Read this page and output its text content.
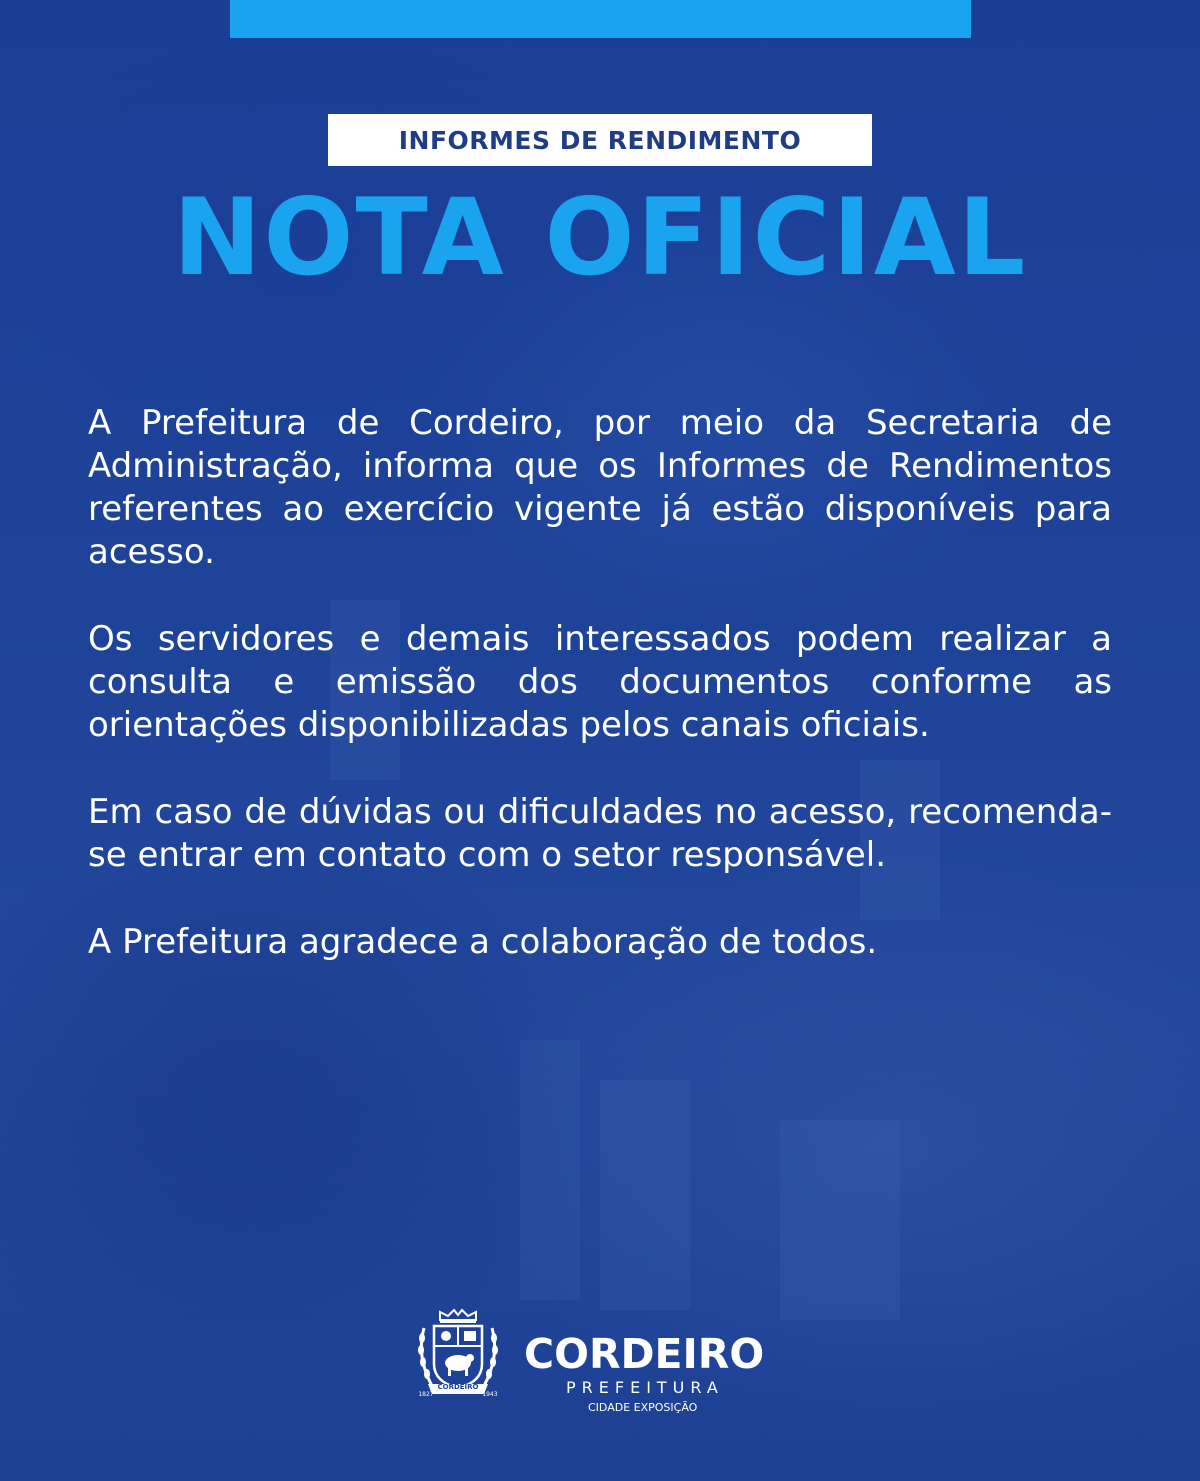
INFORMES DE RENDIMENTO
NOTA OFICIAL

A Prefeitura de Cordeiro, por meio da Secretaria de Administração, informa que os Informes de Rendimentos referentes ao exercício vigente já estão disponíveis para acesso.

Os servidores e demais interessados podem realizar a consulta e emissão dos documentos conforme as orientações disponibilizadas pelos canais oficiais.

Em caso de dúvidas ou dificuldades no acesso, recomenda-se entrar em contato com o setor responsável.

A Prefeitura agradece a colaboração de todos.

CORDEIRO
1827	1943
CORDEIRO
PREFEITURA
CIDADE EXPOSIÇÃO
